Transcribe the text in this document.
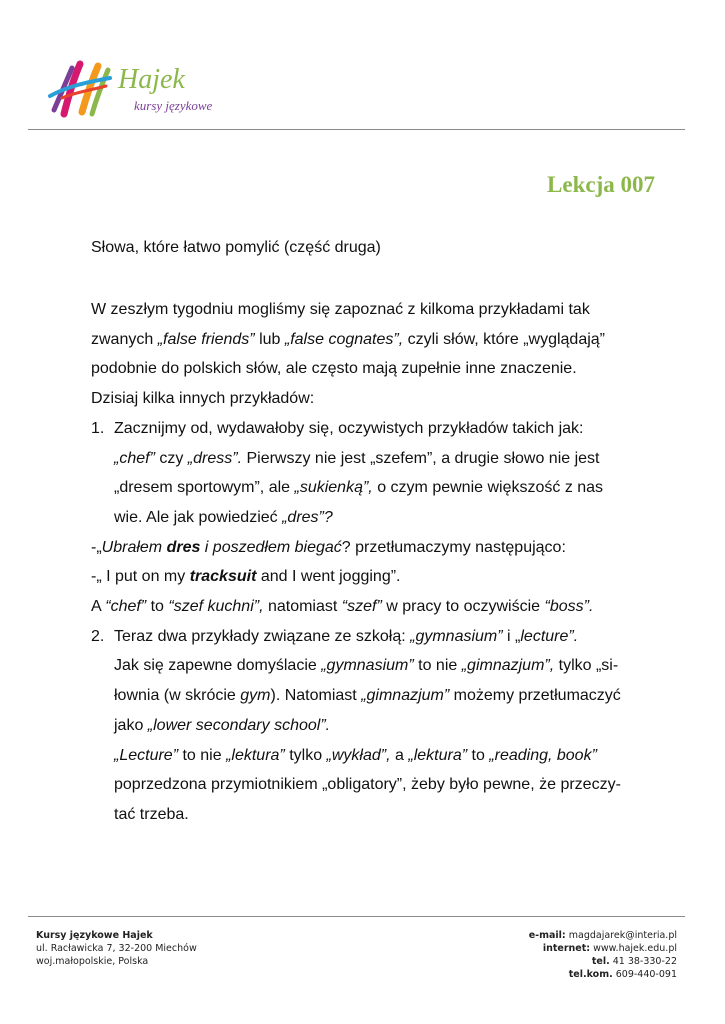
Hajek
kursy językowe
Lekcja 007
Słowa, które łatwo pomylić (część druga)

W zeszłym tygodniu mogliśmy się zapoznać z kilkoma przykładami tak

zwanych „false friends” lub „false cognates”, czyli słów, które „wyglądają”

podobnie do polskich słów, ale często mają zupełnie inne znaczenie.

Dzisiaj kilka innych przykładów:

1. Zacznijmy od, wydawałoby się, oczywistych przykładów takich jak:

„chef” czy „dress”. Pierwszy nie jest „szefem”, a drugie słowo nie jest

„dresem sportowym”, ale „sukienką”, o czym pewnie większość z nas

wie. Ale jak powiedzieć „dres”?

-„Ubrałem dres i poszedłem biegać? przetłumaczymy następująco:

-„ I put on my tracksuit and I went jogging”.

A “chef” to “szef kuchni”, natomiast “szef” w pracy to oczywiście “boss”.

2. Teraz dwa przykłady związane ze szkołą: „gymnasium” i „lecture”.

Jak się zapewne domyślacie „gymnasium” to nie „gimnazjum”, tylko „si-

łownia (w skrócie gym). Natomiast „gimnazjum” możemy przetłumaczyć

jako „lower secondary school”.

„Lecture” to nie „lektura” tylko „wykład”, a „lektura” to „reading, book”

poprzedzona przymiotnikiem „obligatory”, żeby było pewne, że przeczy-

tać trzeba.

Kursy językowe Hajek
ul. Racławicka 7, 32-200 Miechów
woj.małopolskie, Polska
e-mail: magdajarek@interia.pl
internet: www.hajek.edu.pl
tel. 41 38-330-22
tel.kom. 609-440-091
